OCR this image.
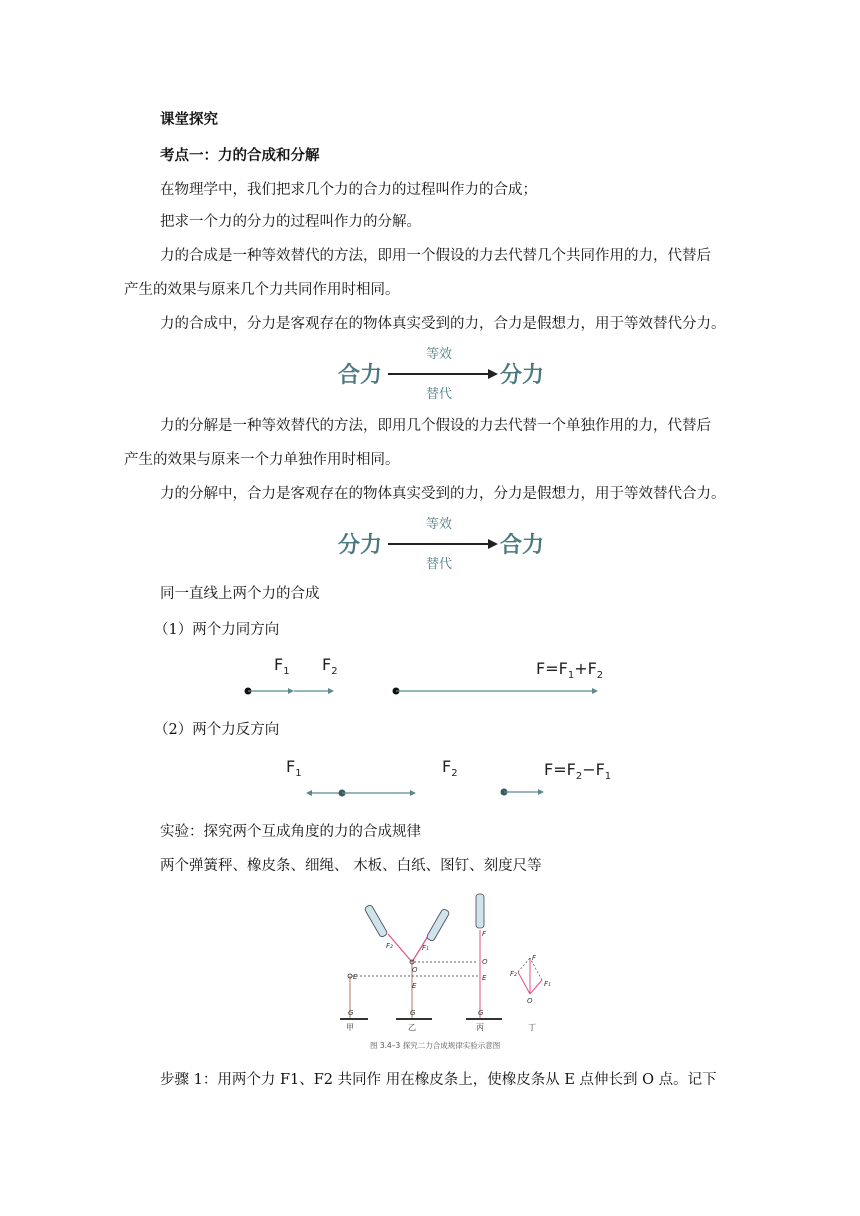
课堂探究
考点一：力的合成和分解
在物理学中，我们把求几个力的合力的过程叫作力的合成；
把求一个力的分力的过程叫作力的分解。
力的合成是一种等效替代的方法，即用一个假设的力去代替几个共同作用的力，代替后
产生的效果与原来几个力共同作用时相同。
力的合成中，分力是客观存在的物体真实受到的力，合力是假想力，用于等效替代分力。
合力
等效
替代
分力
力的分解是一种等效替代的方法，即用几个假设的力去代替一个单独作用的力，代替后
产生的效果与原来一个力单独作用时相同。
力的分解中，合力是客观存在的物体真实受到的力，分力是假想力，用于等效替代合力。
分力
等效
替代
合力
同一直线上两个力的合成
（1）两个力同方向
$F_1$ $F_2$	$F=F_1+F_2$
（2）两个力反方向
$F_1$	$F_2$	$F=F_2-F_1$
实验：探究两个互成角度的力的合成规律
两个弹簧秤、橡皮条、细绳、 木板、白纸、图钉、刻度尺等
E
G
F₂	F₁
O
E
G
F
O
E
G
F
F₂
F₁
O
甲	乙	丙	丁
图 3.4–3 探究二力合成规律实验示意图
步骤 1：用两个力 F1、F2 共同作 用在橡皮条上，使橡皮条从 E 点伸长到 O 点。记下
